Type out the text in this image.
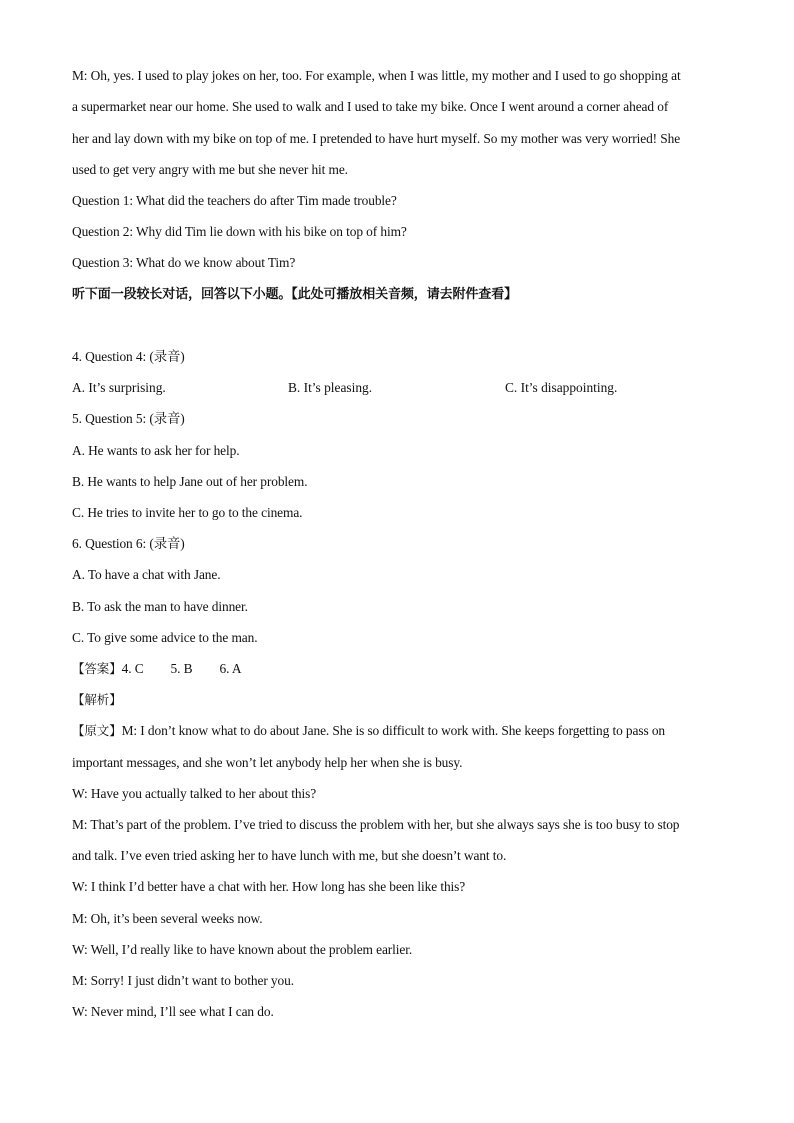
M: Oh, yes. I used to play jokes on her, too. For example, when I was little, my mother and I used to go shopping at
a supermarket near our home. She used to walk and I used to take my bike. Once I went around a corner ahead of
her and lay down with my bike on top of me. I pretended to have hurt myself. So my mother was very worried! She
used to get very angry with me but she never hit me.
Question 1: What did the teachers do after Tim made trouble?
Question 2: Why did Tim lie down with his bike on top of him?
Question 3: What do we know about Tim?
听下面一段较长对话，回答以下小题。【此处可播放相关音频，请去附件查看】
4. Question 4: (录音)
A. It’s surprising.	B. It’s pleasing.	C. It’s disappointing.
5. Question 5: (录音)
A. He wants to ask her for help.
B. He wants to help Jane out of her problem.
C. He tries to invite her to go to the cinema.
6. Question 6: (录音)
A. To have a chat with Jane.
B. To ask the man to have dinner.
C. To give some advice to the man.
【答案】4. C 5. B 6. A
【解析】
【原文】M: I don’t know what to do about Jane. She is so difficult to work with. She keeps forgetting to pass on
important messages, and she won’t let anybody help her when she is busy.
W: Have you actually talked to her about this?
M: That’s part of the problem. I’ve tried to discuss the problem with her, but she always says she is too busy to stop
and talk. I’ve even tried asking her to have lunch with me, but she doesn’t want to.
W: I think I’d better have a chat with her. How long has she been like this?
M: Oh, it’s been several weeks now.
W: Well, I’d really like to have known about the problem earlier.
M: Sorry! I just didn’t want to bother you.
W: Never mind, I’ll see what I can do.
